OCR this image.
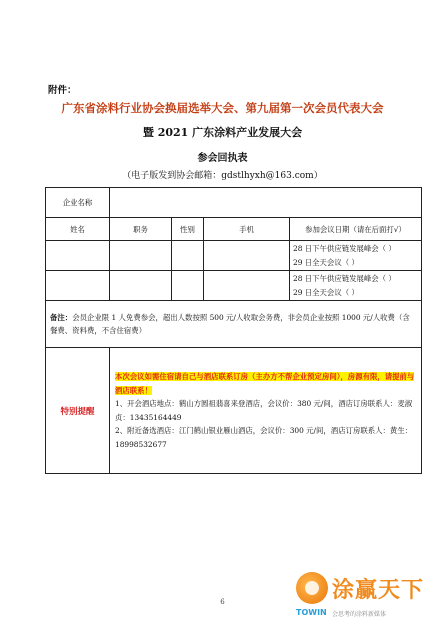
附件：
广东省涂料行业协会换届选举大会、第九届第一次会员代表大会
暨 2021 广东涂料产业发展大会
参会回执表
（电子版发到协会邮箱：gdstlhyxh@163.com）
企业名称				
姓名	职务	性别	手机	参加会议日期（请在后面打√）

				28 日下午供应链发展峰会（ ）
29 日全天会议（ ）

				28 日下午供应链发展峰会（ ）
29 日全天会议（ ）

备注：会员企业限 1 人免费参会，超出人数按照 500 元/人收取会务费，非会员企业按照 1000 元/人收费（含餐费、资料费，不含住宿费）				
特别提醒	本次会议如需住宿请自己与酒店联系订房（主办方不帮企业预定房间），房源有限，请提前与酒店联系！
1、开会酒店地点：鹤山方圆祖翡喜来登酒店，会议价：380 元/间，酒店订房联系人：麦淑贞：13435164449
2、附近备选酒店：江门鹤山银业雁山酒店，会议价：300 元/间，酒店订房联系人：黄生：18998532677			
6	涂赢天下
TOWIN 会思考的涂料新媒体
